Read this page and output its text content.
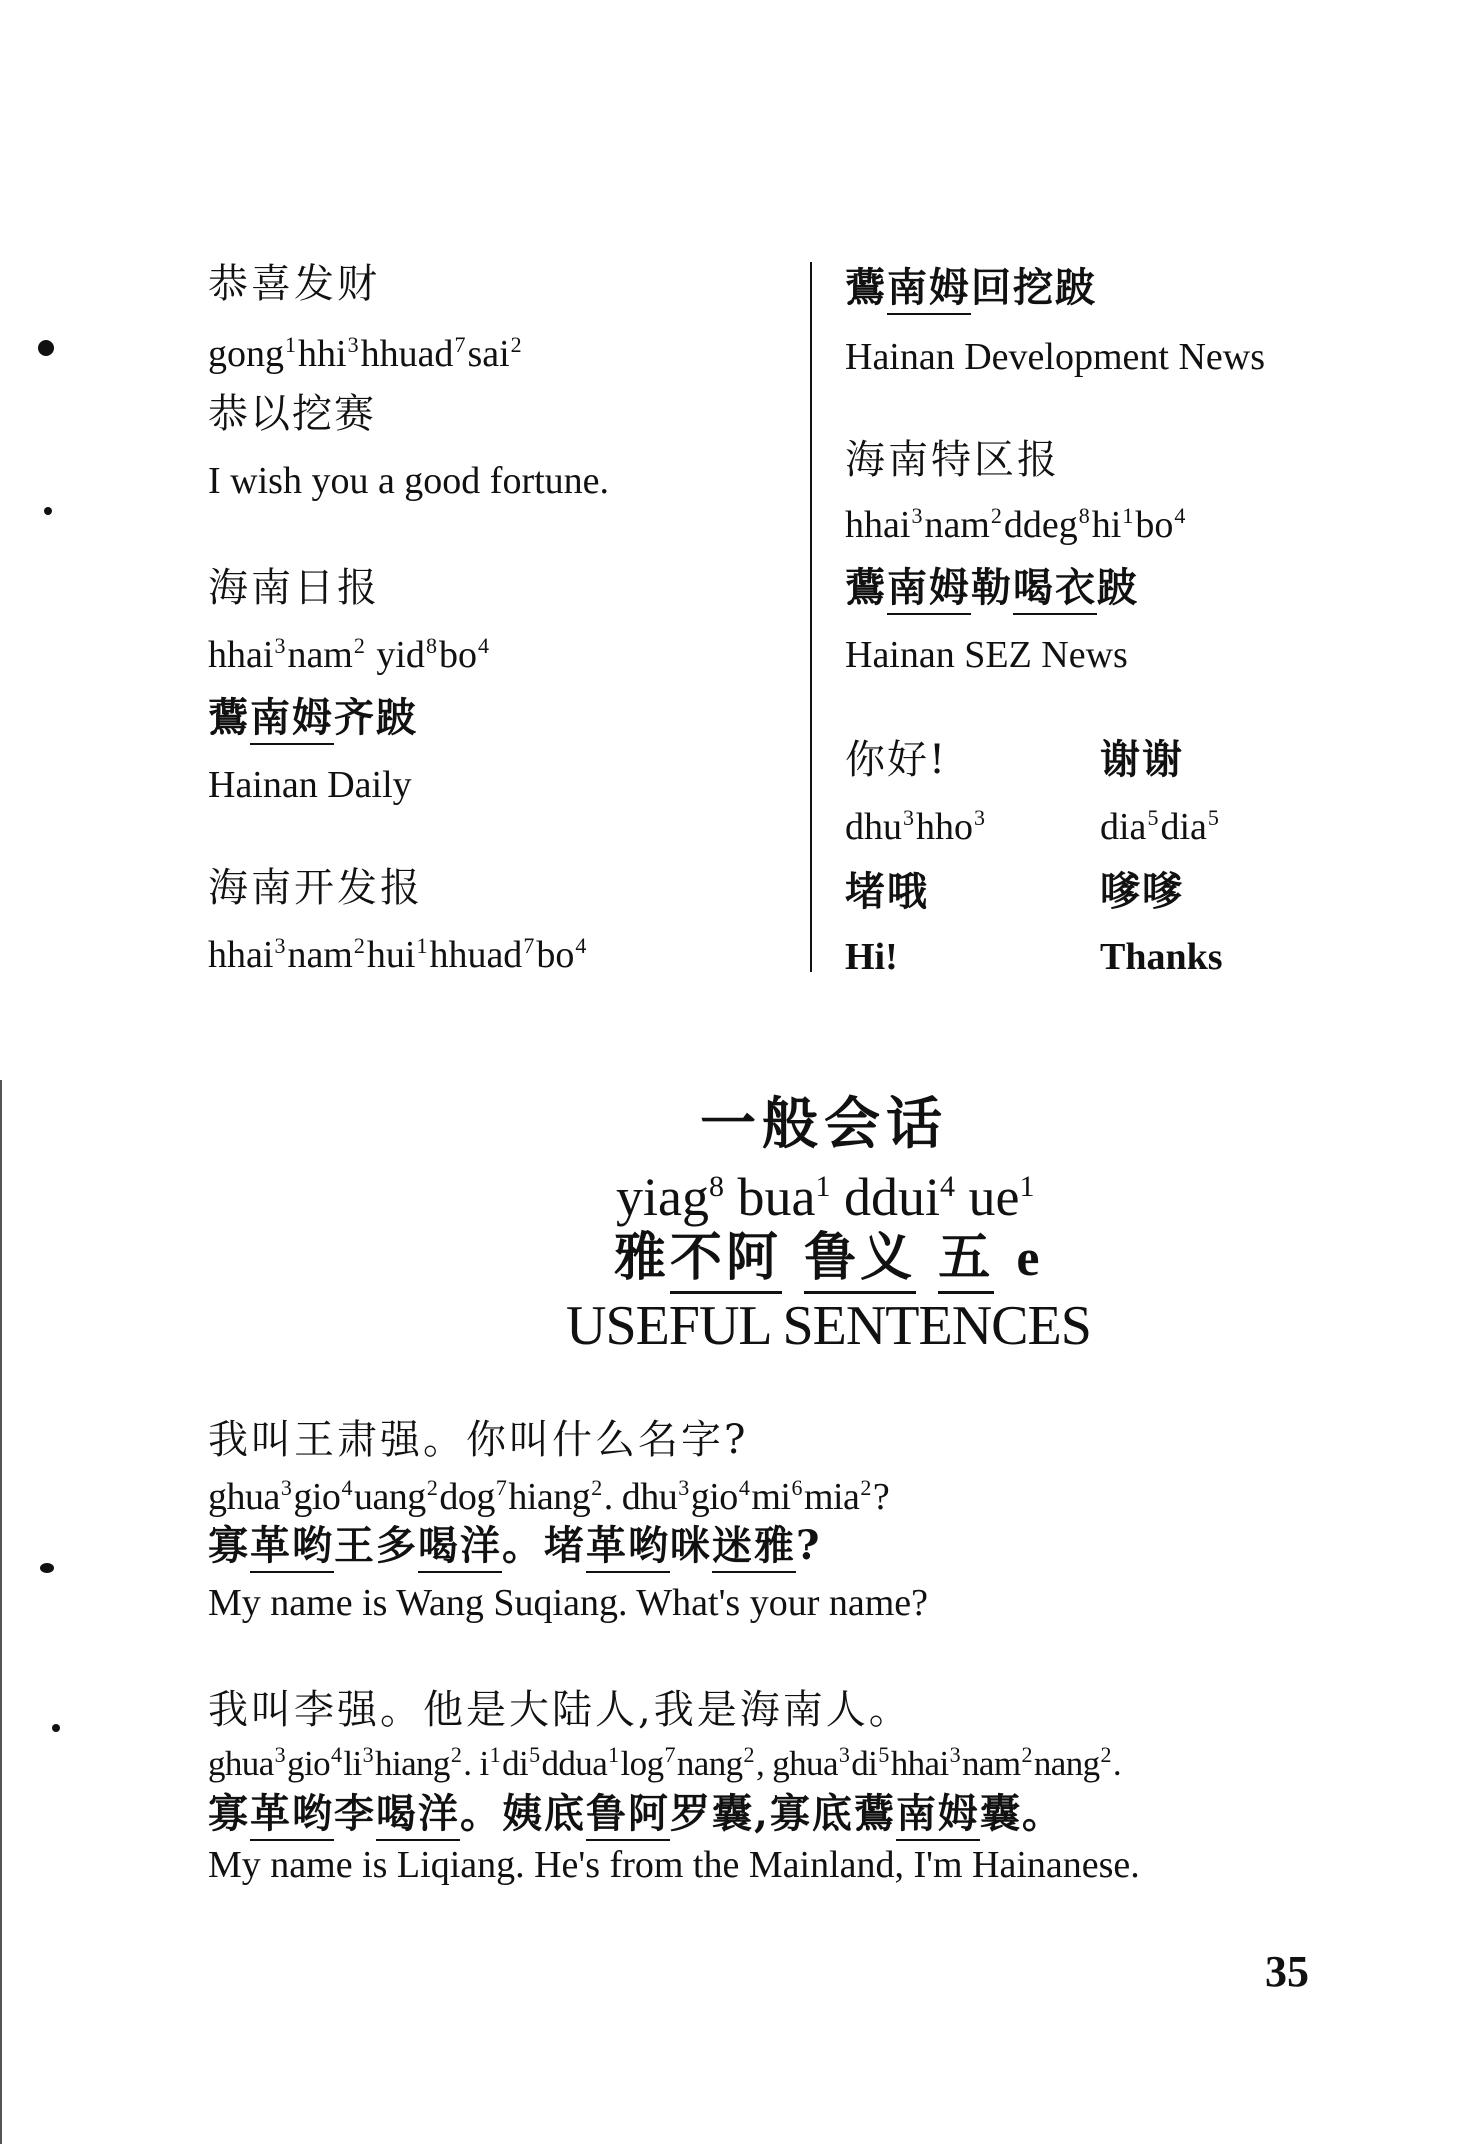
恭喜发财
gong$^1$hhi$^3$hhuad$^7$sai$^2$
恭以挖赛
I wish you a good fortune.
海南日报
hhai$^3$nam$^2$ $yid^8bo^4$
鷰南姆齐跛
Hainan Daily
海南开发报
$hhai^3nam^2hui^1hhuad^7bo^4$
鷰南姆回挖跛
Hainan Development News
海南特区报
$hhai^3nam^2ddeg^8hi^1bo^4$
鷰南姆勒喝衣跛
Hainan SEZ News
你好!
dhu$^3$hho$^3$
堵哦
Hi!
谢谢
dia$^5$dia$^5$
嗲嗲
Thanks
一般会话
yiag$^8$ bua$^1$ ddui$^4$ $ue^1$
雅不阿 鲁义 五 e
USEFUL SENTENCES
我叫王肃强。你叫什么名字?
ghua$^3$gio$^4$uang$^2$dog$^7$hiang$^2$. $dhu^3gio^4mi^6mia^2$?
寡革哟王多喝洋。堵革哟咪迷雅?
My name is Wang Suqiang. What's your name?
我叫李强。他是大陆人,我是海南人。
$ghua^3gio^4li^3hiang^2$. $i^1di^5ddua^1\log^7nang^2$, $ghua^3di^5hhai^3nam^2nang^2$.
寡革哟李喝洋。姨底鲁阿罗囊,寡底鷰南姆囊。
My name is Liqiang. He's from the Mainland, I'm Hainanese.
35
